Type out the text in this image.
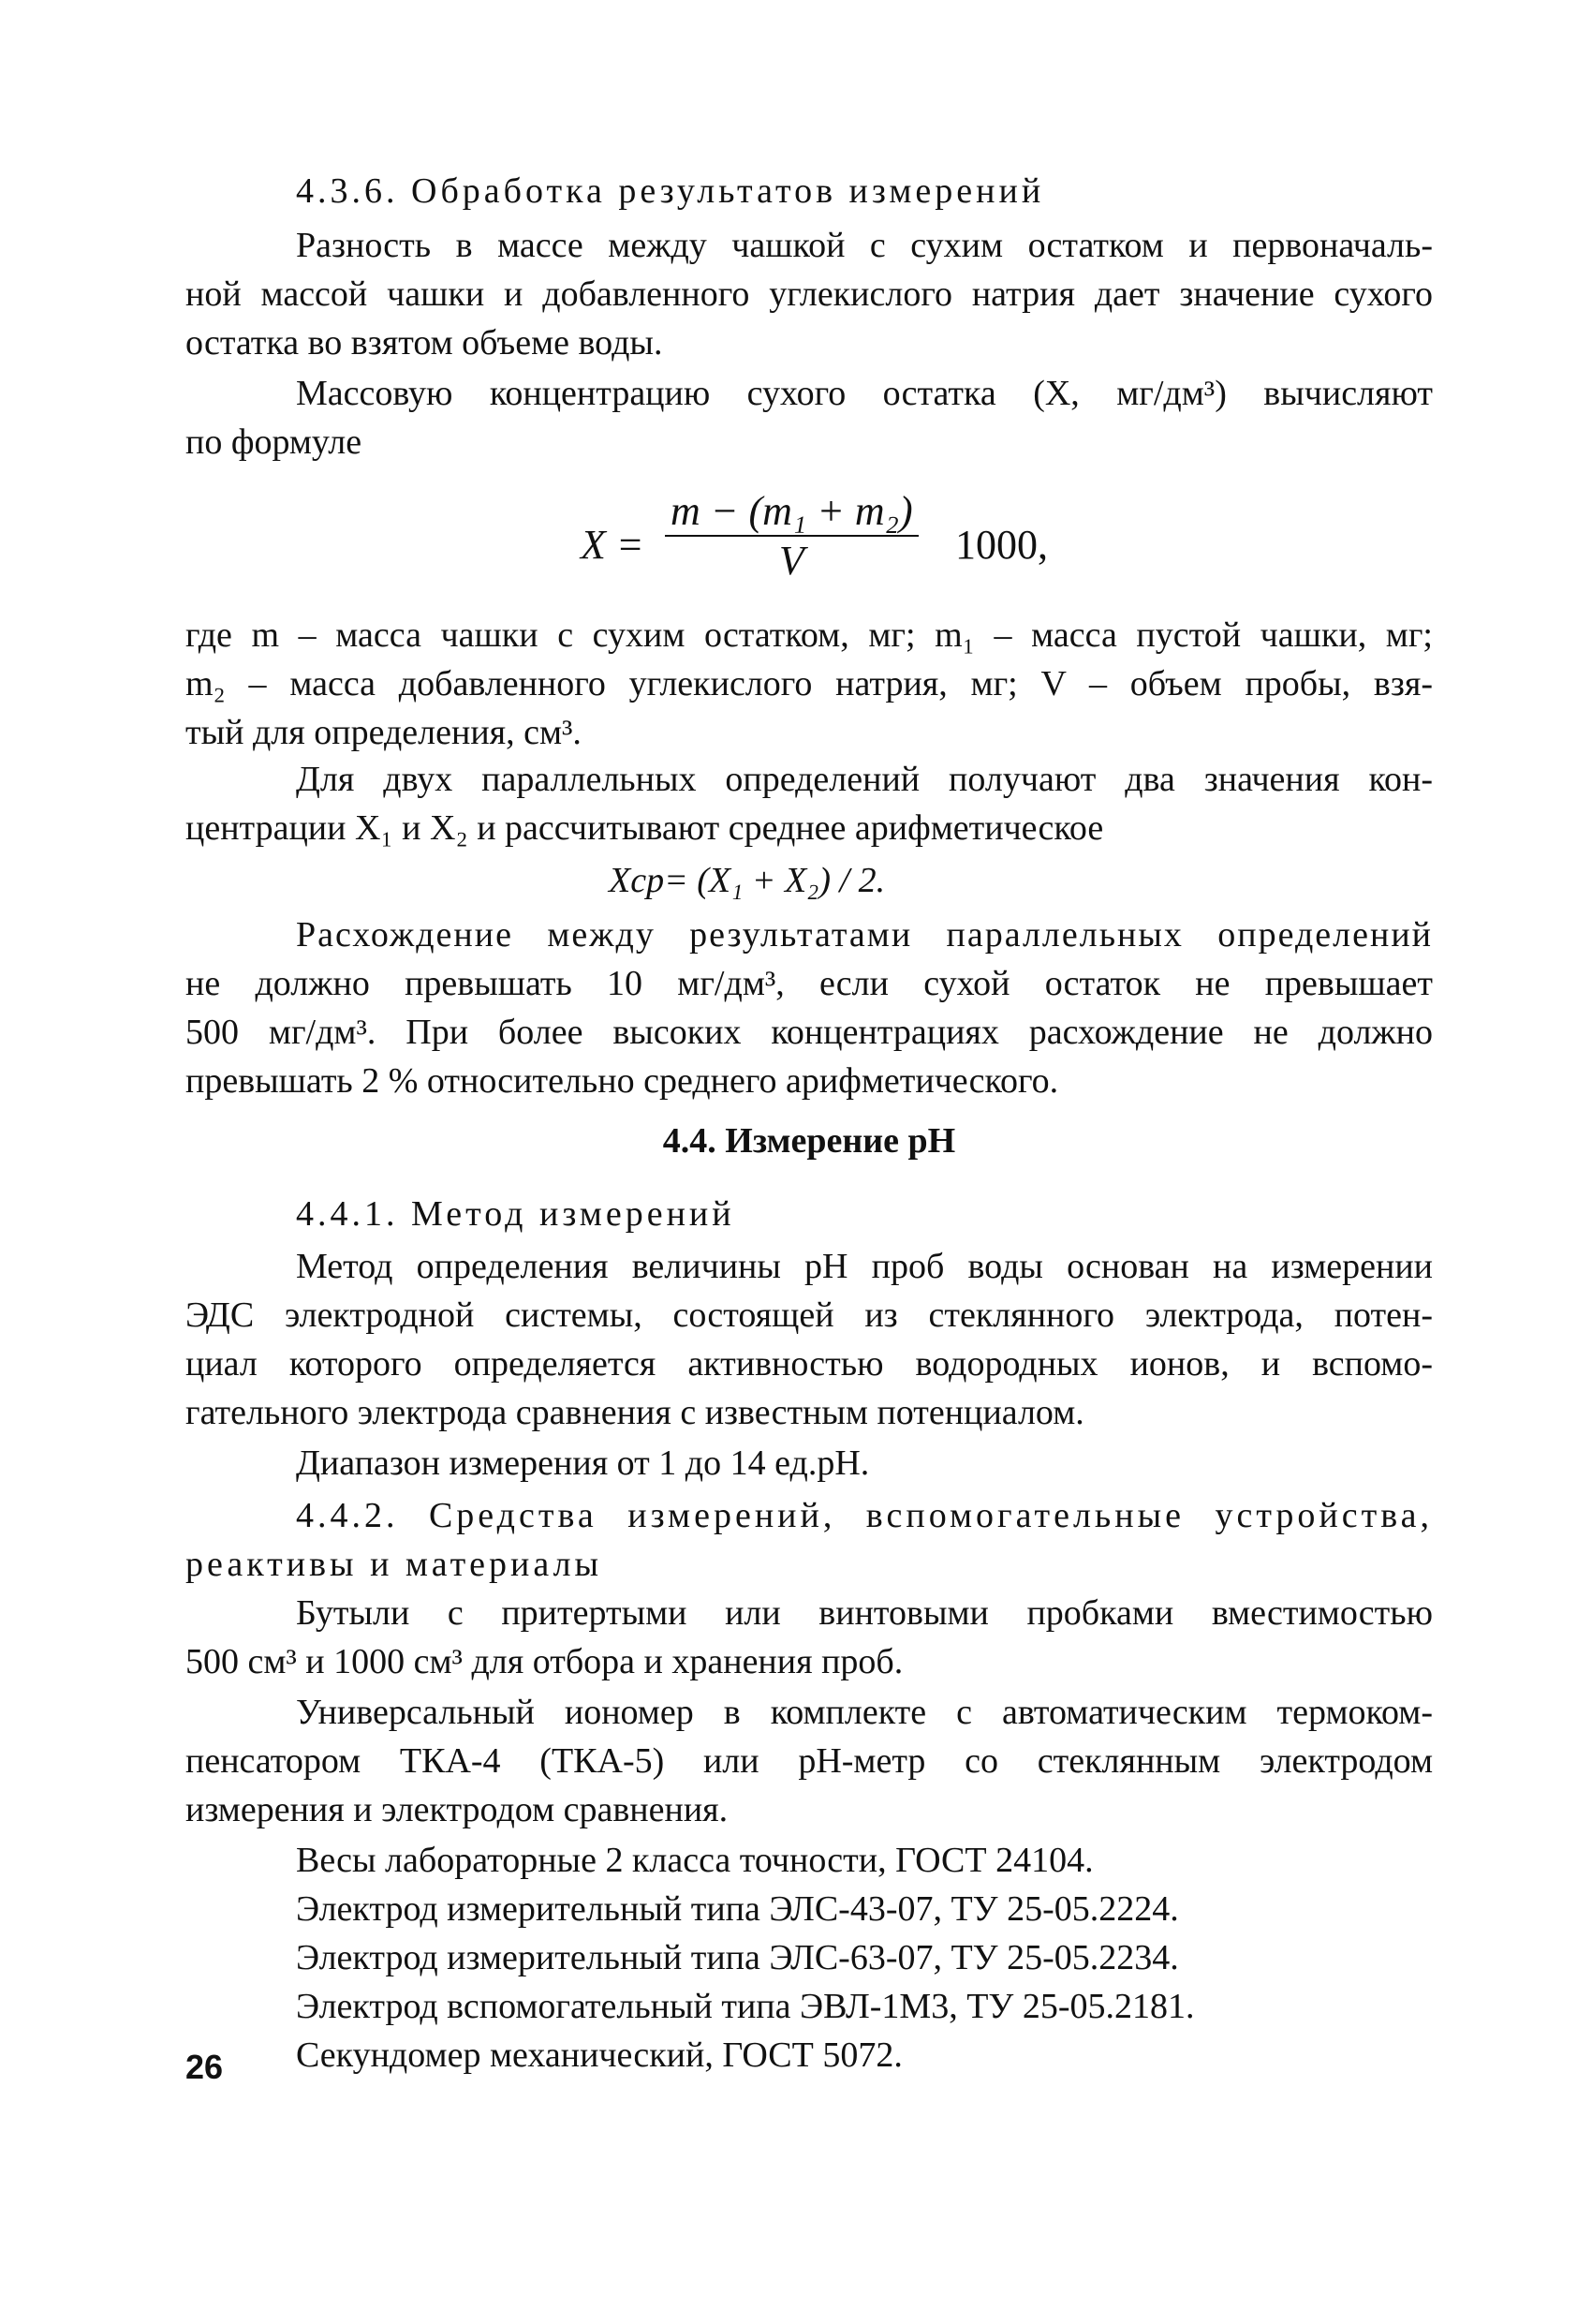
4.3.6. Обработка результатов измерений

Разность в массе между чашкой с сухим остатком и первоначаль-
ной массой чашки и добавленного углекислого натрия дает значение сухого
остатка во взятом объеме воды.

Массовую концентрацию сухого остатка (X, мг/дм³) вычисляют
по формуле

$X = \frac{\text{m − (m₁ + m₂)}}{V} 1000$,

где m – масса чашки с сухим остатком, мг; m₁ – масса пустой чашки, мг;
m₂ – масса добавленного углекислого натрия, мг; V – объем пробы, взя-
тый для определения, см³.

Для двух параллельных определений получают два значения кон-
центрации X₁ и X₂ и рассчитывают среднее арифметическое

Xср= (X₁ + X₂) / 2.

Расхождение между результатами параллельных определений
не должно превышать 10 мг/дм³, если сухой остаток не превышает
500 мг/дм³. При более высоких концентрациях расхождение не должно
превышать 2 % относительно среднего арифметического.

4.4. Измерение рН

4.4.1. Метод измерений

Метод определения величины рН проб воды основан на измерении
ЭДС электродной системы, состоящей из стеклянного электрода, потен-
циал которого определяется активностью водородных ионов, и вспомо-
гательного электрода сравнения с известным потенциалом.

Диапазон измерения от 1 до 14 ед.рН.

4.4.2. Средства измерений, вспомогательные устройства,
реактивы и материалы

Бутыли с притертыми или винтовыми пробками вместимостью
500 см³ и 1000 см³ для отбора и хранения проб.

Универсальный иономер в комплекте с автоматическим термоком-
пенсатором ТКА-4 (ТКА-5) или рН-метр со стеклянным электродом
измерения и электродом сравнения.

Весы лабораторные 2 класса точности, ГОСТ 24104.

Электрод измерительный типа ЭЛС-43-07, ТУ 25-05.2224.

Электрод измерительный типа ЭЛС-63-07, ТУ 25-05.2234.

Электрод вспомогательный типа ЭВЛ-1М3, ТУ 25-05.2181.

Секундомер механический, ГОСТ 5072.

26
